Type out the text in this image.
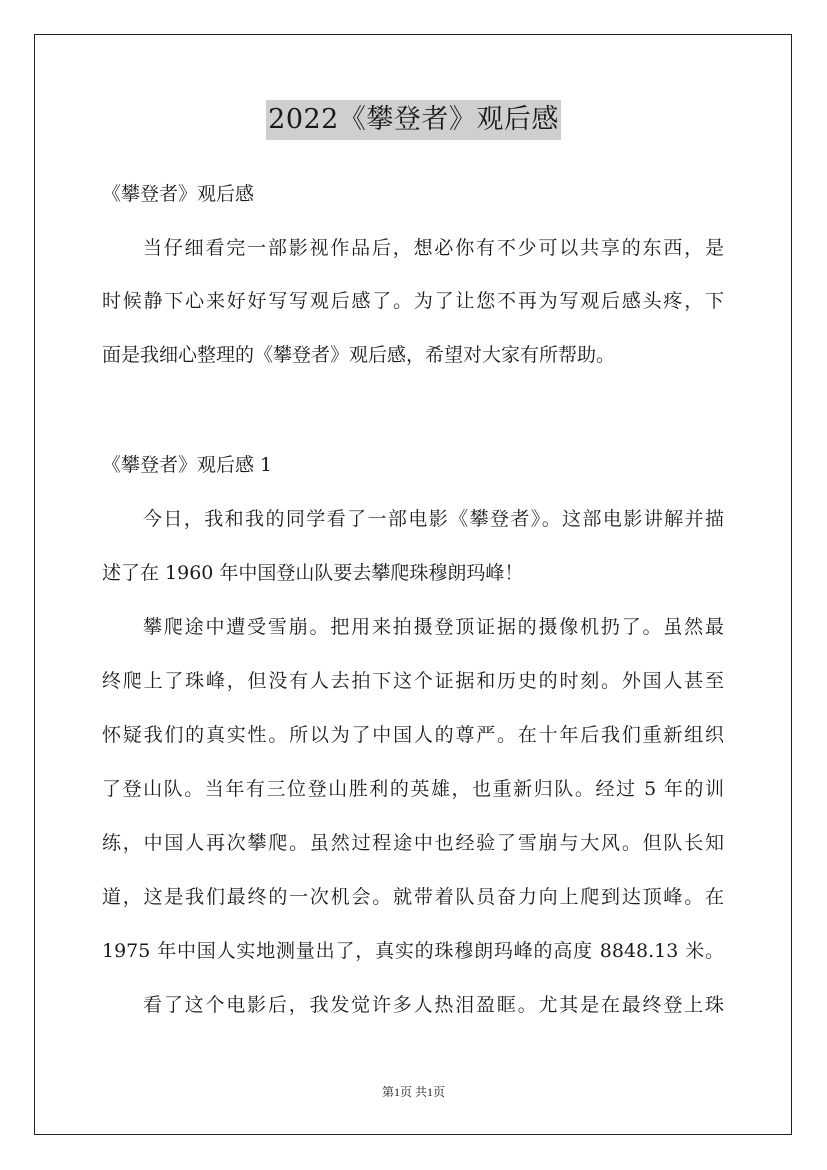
2022《攀登者》观后感
《攀登者》观后感
当仔细看完一部影视作品后，想必你有不少可以共享的东西，是
时候静下心来好好写写观后感了。为了让您不再为写观后感头疼，下
面是我细心整理的《攀登者》观后感，希望对大家有所帮助。
《攀登者》观后感 1
今日，我和我的同学看了一部电影《攀登者》。这部电影讲解并描
述了在 1960 年中国登山队要去攀爬珠穆朗玛峰！
攀爬途中遭受雪崩。把用来拍摄登顶证据的摄像机扔了。虽然最
终爬上了珠峰，但没有人去拍下这个证据和历史的时刻。外国人甚至
怀疑我们的真实性。所以为了中国人的尊严。在十年后我们重新组织
了登山队。当年有三位登山胜利的英雄，也重新归队。经过 5 年的训
练，中国人再次攀爬。虽然过程途中也经验了雪崩与大风。但队长知
道，这是我们最终的一次机会。就带着队员奋力向上爬到达顶峰。在
1975 年中国人实地测量出了，真实的珠穆朗玛峰的高度 8848.13 米。
看了这个电影后，我发觉许多人热泪盈眶。尤其是在最终登上珠
第1页 共1页
